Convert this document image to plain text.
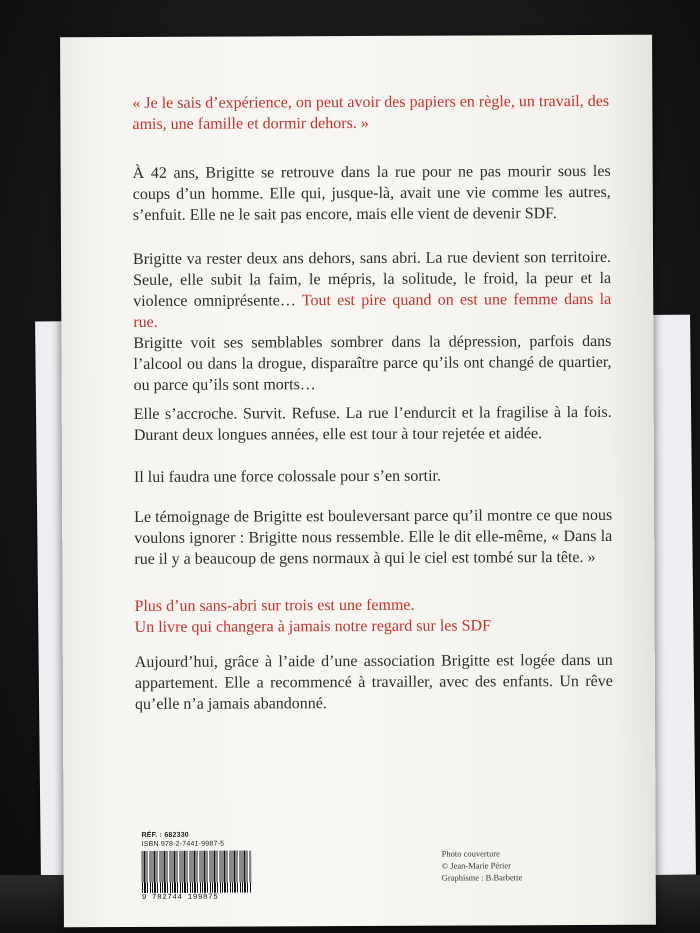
« Je le sais d’expérience, on peut avoir des papiers en règle, un travail, des amis, une famille et dormir dehors. »

À 42 ans, Brigitte se retrouve dans la rue pour ne pas mourir sous les coups d’un homme. Elle qui, jusque-là, avait une vie comme les autres, s’enfuit. Elle ne le sait pas encore, mais elle vient de devenir SDF.

Brigitte va rester deux ans dehors, sans abri. La rue devient son territoire. Seule, elle subit la faim, le mépris, la solitude, le froid, la peur et la violence omniprésente… Tout est pire quand on est une femme dans la rue.

Brigitte voit ses semblables sombrer dans la dépression, parfois dans l’alcool ou dans la drogue, disparaître parce qu’ils ont changé de quartier, ou parce qu’ils sont morts…

Elle s’accroche. Survit. Refuse. La rue l’endurcit et la fragilise à la fois. Durant deux longues années, elle est tour à tour rejetée et aidée.

Il lui faudra une force colossale pour s’en sortir.

Le témoignage de Brigitte est bouleversant parce qu’il montre ce que nous voulons ignorer : Brigitte nous ressemble. Elle le dit elle-même, « Dans la rue il y a beaucoup de gens normaux à qui le ciel est tombé sur la tête. »

Plus d’un sans-abri sur trois est une femme.

Un livre qui changera à jamais notre regard sur les SDF

Aujourd’hui, grâce à l’aide d’une association Brigitte est logée dans un appartement. Elle a recommencé à travailler, avec des enfants. Un rêve qu’elle n’a jamais abandonné.

RÉF. : 682330
ISBN 978-2-7441-9987-5
9 782744 199875
Photo couverture
© Jean-Marie Périer
Graphisme : B.Barbette
